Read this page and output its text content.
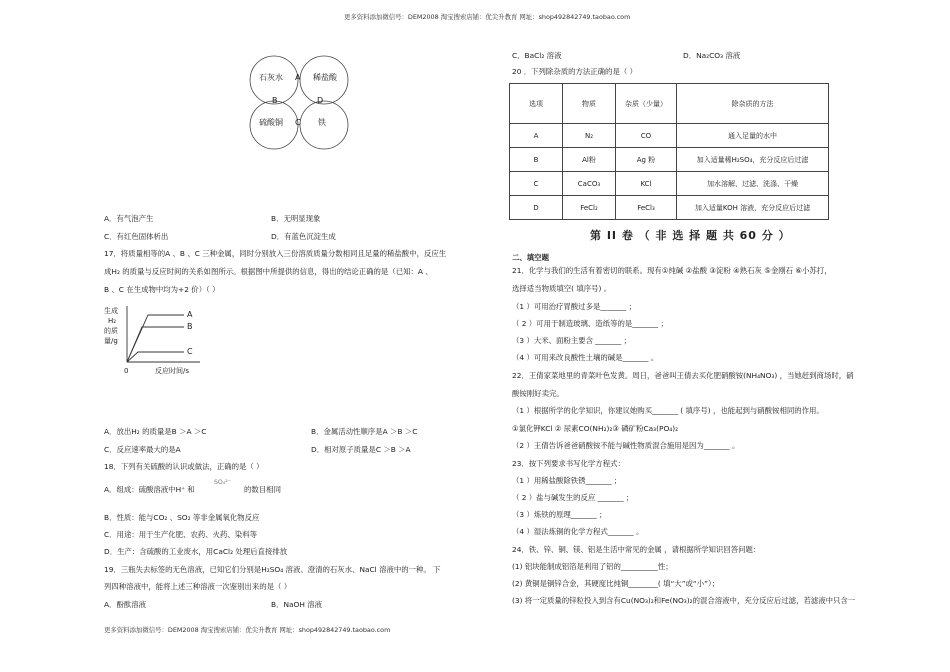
更多资料添加微信号：DEM2008 淘宝搜索店铺：优尖升教育 网址：shop492842749.taobao.com
更多资料添加微信号：DEM2008 淘宝搜索店铺：优尖升教育 网址：shop492842749.taobao.com
石灰水	稀盐酸
硫酸铜	铁
A
B	D
C
A．有气泡产生	B．无明显现象
C．有红色固体析出	D．有蓝色沉淀生成
17．将质量相等的A 、B 、C 三种金属，同时分别放入三份溶质质量分数相同且足量的稀盐酸中，反应生
成H₂ 的质量与反应时间的关系如图所示。根据图中所提供的信息，得出的结论正确的是（已知：A 、
B 、C 在生成物中均为+2 价）（ ）
生成
H₂
的质
量/g
A
B
C
0	反应时间/s
A．放出H₂ 的质量是B ＞A ＞C	B．金属活动性顺序是A ＞B ＞C
C．反应速率最大的是A	D．相对原子质量是C ＞B ＞A
18．下列有关硫酸的认识或做法，正确的是（ ）
A．组成：硫酸溶液中H⁺ 和
SO₄²⁻
的数目相同
B．性质：能与CO₂ 、SO₂ 等非金属氧化物反应
C．用途：用于生产化肥、农药、火药、染料等
D．生产：含硫酸的工业废水，用CaCl₂ 处理后直接排放
19．三瓶失去标签的无色溶液，已知它们分别是H₂SO₄ 溶液、澄清的石灰水、NaCl 溶液中的一种。 下
列四种溶液中，能将上述三种溶液一次鉴别出来的是（ ）
A．酚酞溶液	B．NaOH 溶液
C．BaCl₂ 溶液	D．Na₂CO₃ 溶液
20 ．下列除杂质的方法正确的是（ ）
选项	物质	杂质（少量）	除杂质的方法
A	N₂	CO	通入足量的水中
B	Al粉	Ag 粉	加入适量稀H₂SO₄，充分反应后过滤
C	CaCO₃	KCl	加水溶解、过滤、洗涤、干燥
D	FeCl₂	FeCl₃	加入适量KOH 溶液，充分反应后过滤
第 II 卷 （ 非 选 择 题 共 60 分 ）
二、填空题
21．化学与我们的生活有着密切的联系。现有①纯碱 ②盐酸 ③淀粉 ④熟石灰 ⑤金刚石 ⑥小苏打，
选择适当物质填空( 填序号) 。
（1 ）可用治疗胃酸过多是_______ ；
（ 2 ）可用于制造玻璃、造纸等的是_______ ；
（3 ）大米、面粉主要含 _______ ；
（4 ）可用来改良酸性土壤的碱是_______ 。
22．王倩家菜地里的青菜叶色发黄。周日，爸爸叫王倩去买化肥硝酸铵(NH₄NO₃) ，当她赶到商场时，硝
酸铵刚好卖完。
（1 ）根据所学的化学知识，你建议她购买_______ ( 填序号) ，也能起到与硝酸铵相同的作用。
①氯化钾KCl ② 尿素CO(NH₂)₂③ 磷矿粉Ca₃(PO₄)₂
（2 ）王倩告诉爸爸硝酸铵不能与碱性物质混合施用是因为_______ 。
23．按下列要求书写化学方程式：
（1 ）用稀盐酸除铁锈_______ ；
（ 2 ）盐与碱发生的反应 _______ ；
（3 ）炼铁的原理_______ ；
（4 ）湿法炼铜的化学方程式_______ 。
24．铁、锌、铜、镁、铝是生活中常见的金属 ，请根据所学知识回答问题：
(1) 铝块能制成铝箔是利用了铝的__________性；
(2) 黄铜是铜锌合金，其硬度比纯铜________( 填“大”或“小”）；
(3) 将一定质量的锌粒投入到含有Cu(NO₃)₂和Fe(NO₃)₂的混合溶液中，充分反应后过滤，若滤液中只含一
